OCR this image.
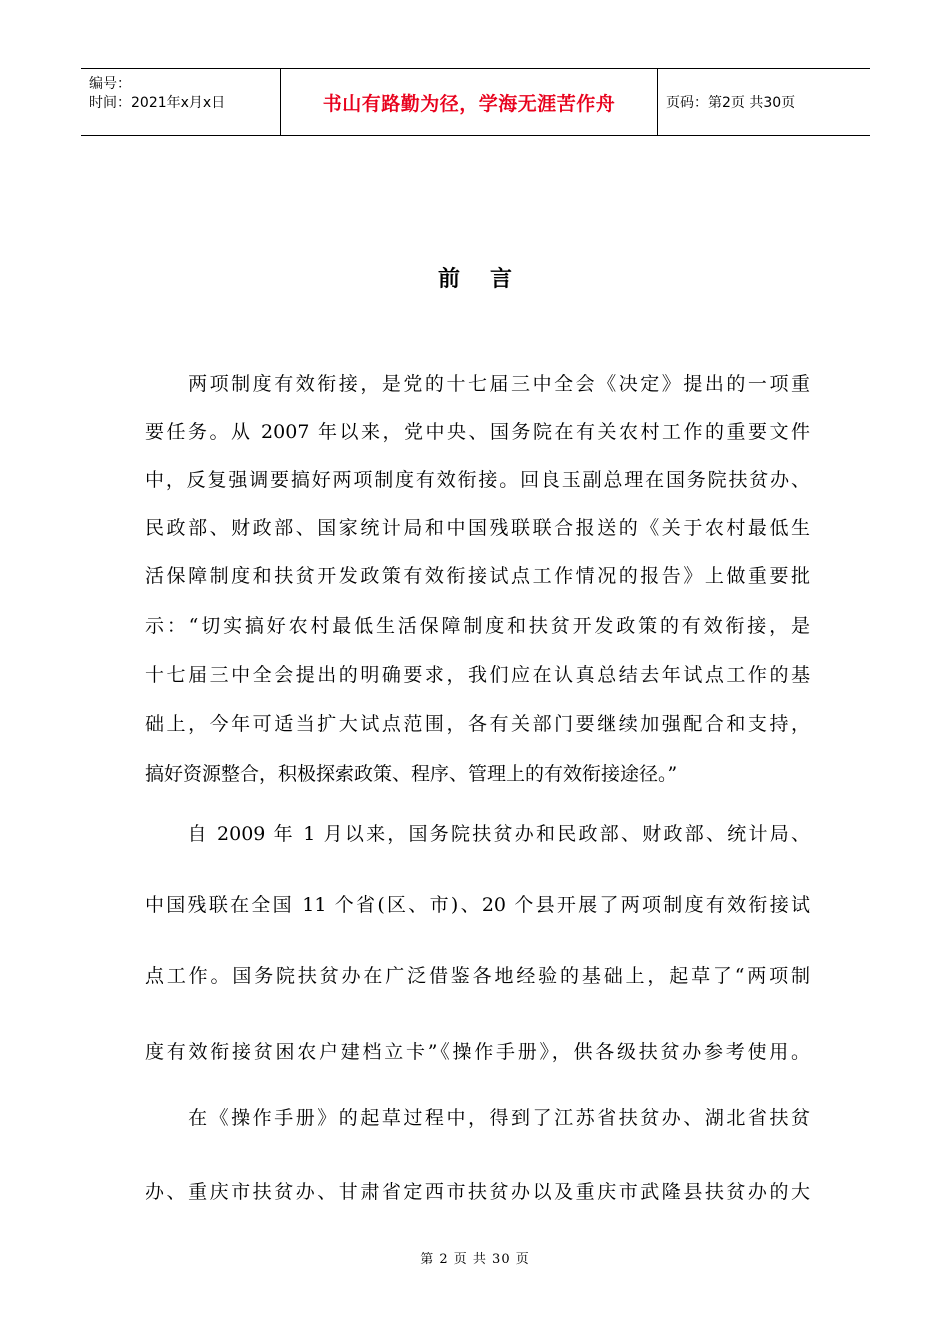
编号：
时间：2021年x月x日	书山有路勤为径，学海无涯苦作舟	页码：第2页 共30页
前言
　　两项制度有效衔接，是党的十七届三中全会《决定》提出的一项重
要任务。从 2007 年以来，党中央、国务院在有关农村工作的重要文件
中，反复强调要搞好两项制度有效衔接。回良玉副总理在国务院扶贫办、
民政部、财政部、国家统计局和中国残联联合报送的《关于农村最低生
活保障制度和扶贫开发政策有效衔接试点工作情况的报告》上做重要批
示：“切实搞好农村最低生活保障制度和扶贫开发政策的有效衔接，是
十七届三中全会提出的明确要求，我们应在认真总结去年试点工作的基
础上，今年可适当扩大试点范围，各有关部门要继续加强配合和支持，
搞好资源整合，积极探索政策、程序、管理上的有效衔接途径。”
　　自 2009 年 1 月以来，国务院扶贫办和民政部、财政部、统计局、
中国残联在全国 11 个省(区、市)、20 个县开展了两项制度有效衔接试
点工作。国务院扶贫办在广泛借鉴各地经验的基础上，起草了“两项制
度有效衔接贫困农户建档立卡”《操作手册》，供各级扶贫办参考使用。
　　在《操作手册》的起草过程中，得到了江苏省扶贫办、湖北省扶贫
办、重庆市扶贫办、甘肃省定西市扶贫办以及重庆市武隆县扶贫办的大
第 2 页 共 30 页
